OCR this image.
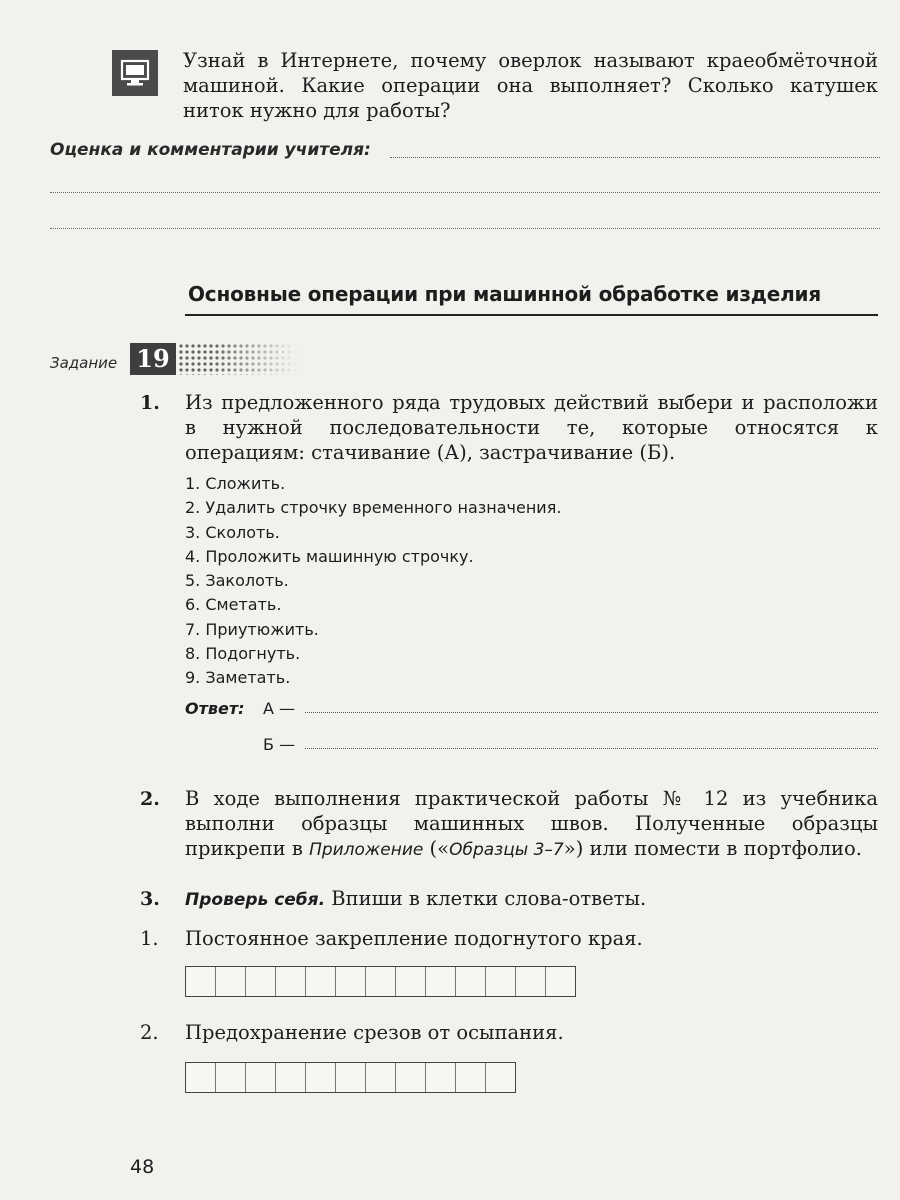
Узнай в Интернете, почему оверлок называют краеобмёточной машиной. Какие операции она выполняет? Сколько катушек ниток нужно для работы?
Оценка и комментарии учителя:
Основные операции при машинной обработке изделия
Задание 19
1. Из предложенного ряда трудовых действий выбери и расположи в нужной последовательности те, которые относятся к операциям: стачивание (А), застрачивание (Б).
1. Сложить.
2. Удалить строчку временного назначения.
3. Сколоть.
4. Проложить машинную строчку.
5. Заколоть.
6. Сметать.
7. Приутюжить.
8. Подогнуть.
9. Заметать.
Ответ: А —
Б —
2. В ходе выполнения практической работы № 12 из учебника выполни образцы машинных швов. Полученные образцы прикрепи в Приложение («Образцы 3–7») или помести в портфолио.
3. Проверь себя. Впиши в клетки слова-ответы.
1.	Постоянное закрепление подогнутого края.
2.	Предохранение срезов от осыпания.
48
